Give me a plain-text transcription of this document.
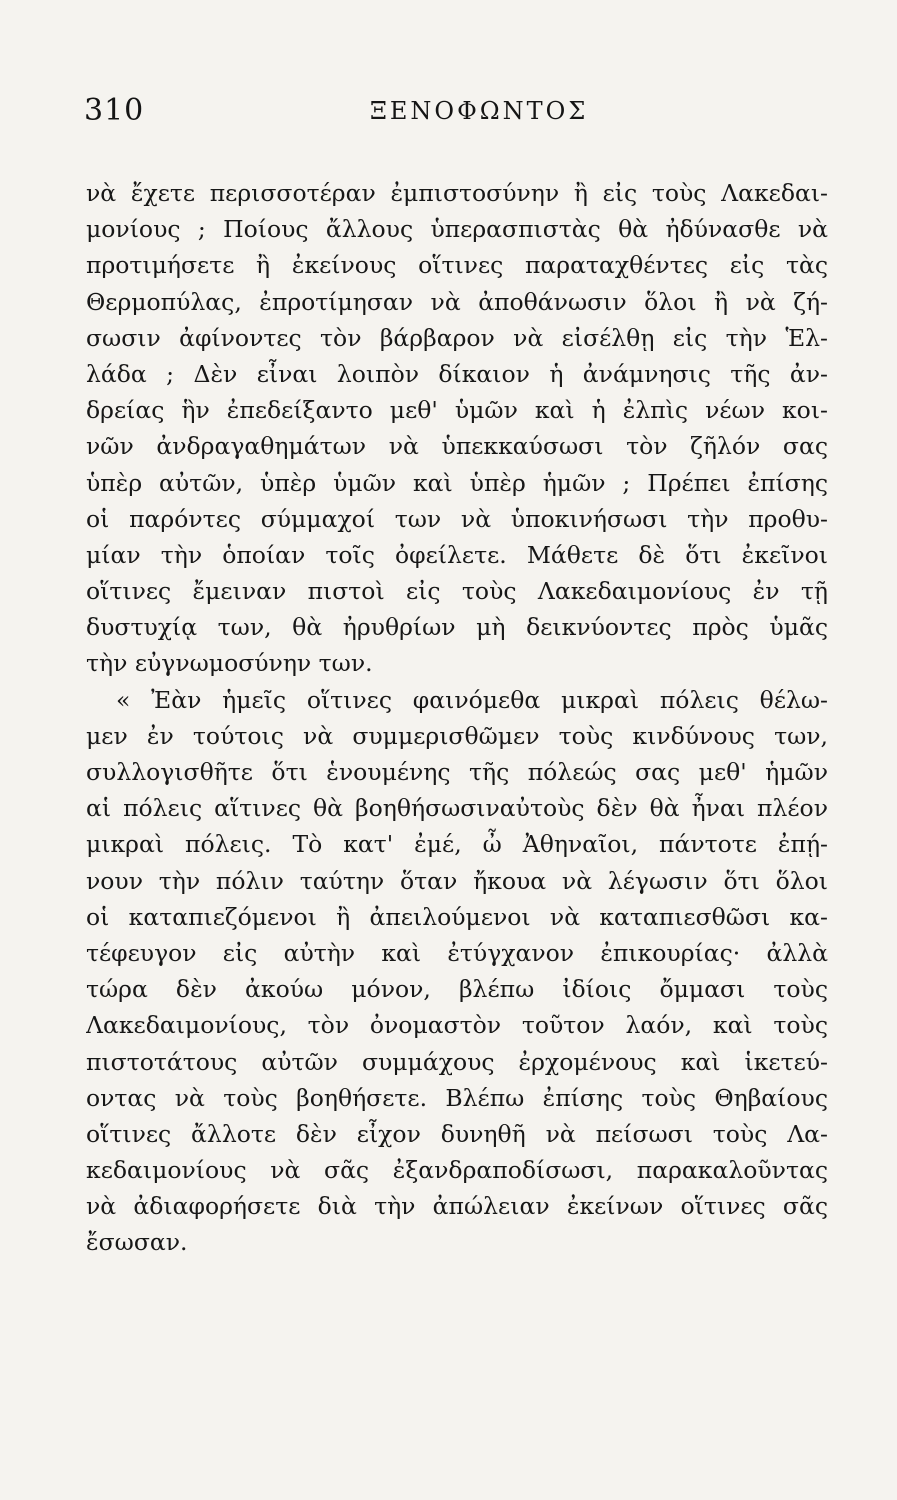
310	ΞΕΝΟΦΩΝΤΟΣ
νὰ ἔχετε περισσοτέραν ἐμπιστοσύνην ἢ εἰς τοὺς Λακεδαι-
μονίους ; Ποίους ἄλλους ὑπερασπιστὰς θὰ ἠδύνασθε νὰ
προτιμήσετε ἢ ἐκείνους οἵτινες παραταχθέντες εἰς τὰς
Θερμοπύλας, ἐπροτίμησαν νὰ ἀποθάνωσιν ὅλοι ἢ νὰ ζή-
σωσιν ἀφίνοντες τὸν βάρβαρον νὰ εἰσέλθῃ εἰς τὴν Ἑλ-
λάδα ; Δὲν εἶναι λοιπὸν δίκαιον ἡ ἀνάμνησις τῆς ἀν-
δρείας ἣν ἐπεδείξαντο μεθ' ὑμῶν καὶ ἡ ἐλπὶς νέων κοι-
νῶν ἀνδραγαθημάτων νὰ ὑπεκκαύσωσι τὸν ζῆλόν σας
ὑπὲρ αὐτῶν, ὑπὲρ ὑμῶν καὶ ὑπὲρ ἡμῶν ; Πρέπει ἐπίσης
οἱ παρόντες σύμμαχοί των νὰ ὑποκινήσωσι τὴν προθυ-
μίαν τὴν ὁποίαν τοῖς ὀφείλετε. Μάθετε δὲ ὅτι ἐκεῖνοι
οἵτινες ἔμειναν πιστοὶ εἰς τοὺς Λακεδαιμονίους ἐν τῇ
δυστυχίᾳ των, θὰ ἠρυθρίων μὴ δεικνύοντες πρὸς ὑμᾶς
τὴν εὐγνωμοσύνην των.
« Ἐὰν ἡμεῖς οἵτινες φαινόμεθα μικραὶ πόλεις θέλω-
μεν ἐν τούτοις νὰ συμμερισθῶμεν τοὺς κινδύνους των,
συλλογισθῆτε ὅτι ἑνουμένης τῆς πόλεώς σας μεθ' ἡμῶν
αἱ πόλεις αἵτινες θὰ βοηθήσωσιναὐτοὺς δὲν θὰ ἦναι πλέον
μικραὶ πόλεις. Τὸ κατ' ἐμέ, ὦ Ἀθηναῖοι, πάντοτε ἐπῄ-
νουν τὴν πόλιν ταύτην ὅταν ἤκουα νὰ λέγωσιν ὅτι ὅλοι
οἱ καταπιεζόμενοι ἢ ἀπειλούμενοι νὰ καταπιεσθῶσι κα-
τέφευγον εἰς αὐτὴν καὶ ἐτύγχανον ἐπικουρίας· ἀλλὰ
τώρα δὲν ἀκούω μόνον, βλέπω ἰδίοις ὄμμασι τοὺς
Λακεδαιμονίους, τὸν ὀνομαστὸν τοῦτον λαόν, καὶ τοὺς
πιστοτάτους αὐτῶν συμμάχους ἐρχομένους καὶ ἱκετεύ-
οντας νὰ τοὺς βοηθήσετε. Βλέπω ἐπίσης τοὺς Θηβαίους
οἵτινες ἄλλοτε δὲν εἶχον δυνηθῆ νὰ πείσωσι τοὺς Λα-
κεδαιμονίους νὰ σᾶς ἐξανδραποδίσωσι, παρακαλοῦντας
νὰ ἀδιαφορήσετε διὰ τὴν ἀπώλειαν ἐκείνων οἵτινες σᾶς
ἔσωσαν.
